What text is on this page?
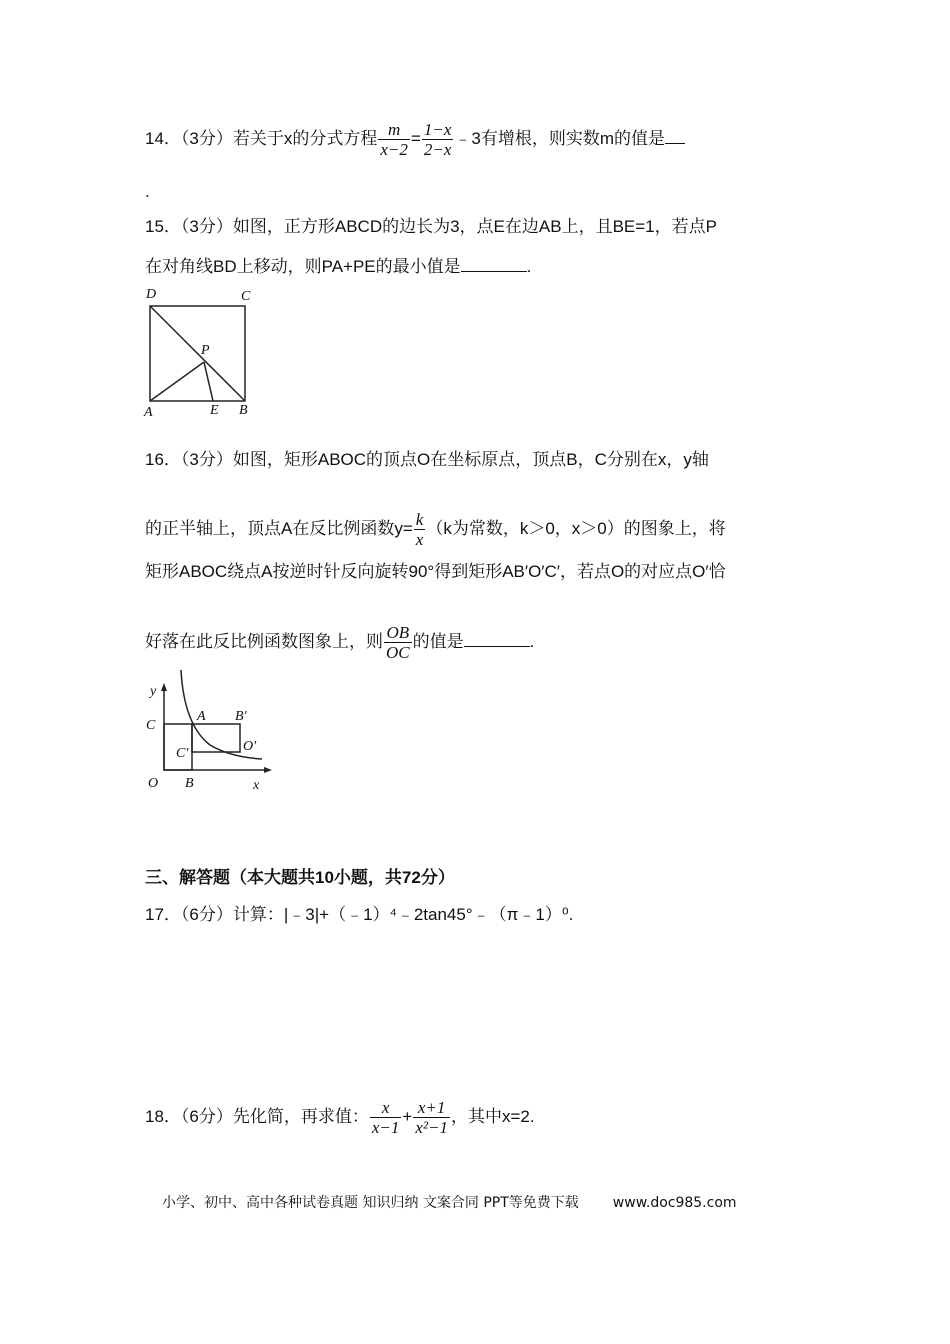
14．（3分）若关于x的分式方程 $\frac{m}{x-2} = \frac{1-x}{2-x}$ ﹣3有增根，则实数m的值是
.
15．（3分）如图，正方形ABCD的边长为3，点E在边AB上，且BE=1，若点P
在对角线BD上移动，则PA+PE的最小值是	.
D	C
P
A	E B
16．（3分）如图，矩形ABOC的顶点O在坐标原点，顶点B，C分别在x，y轴
的正半轴上，顶点A在反比例函数$y= \frac{k}{x} (k$为常数，k＞0，x＞0）的图象上，将
矩形ABOC绕点A按逆时针反向旋转90°得到矩形AB′O′C′，若点O的对应点O′恰
好落在此反比例函数图象上，则 $\frac{OB}{OC}$ 的值是	.
y
C
A B′
C′	O′
O B	x
三、解答题（本大题共10小题，共72分）
17．（6分）计算：|﹣3|+（﹣1）⁴﹣2tan45°﹣（π﹣1）⁰.
18．（6分）先化简，再求值： $\frac{x}{x-1} + \frac{x+1}{\text{x²−1}}$ ，其中x=2.
小学、初中、高中各种试卷真题 知识归纳 文案合同 PPT等免费下载 www.doc985.com
